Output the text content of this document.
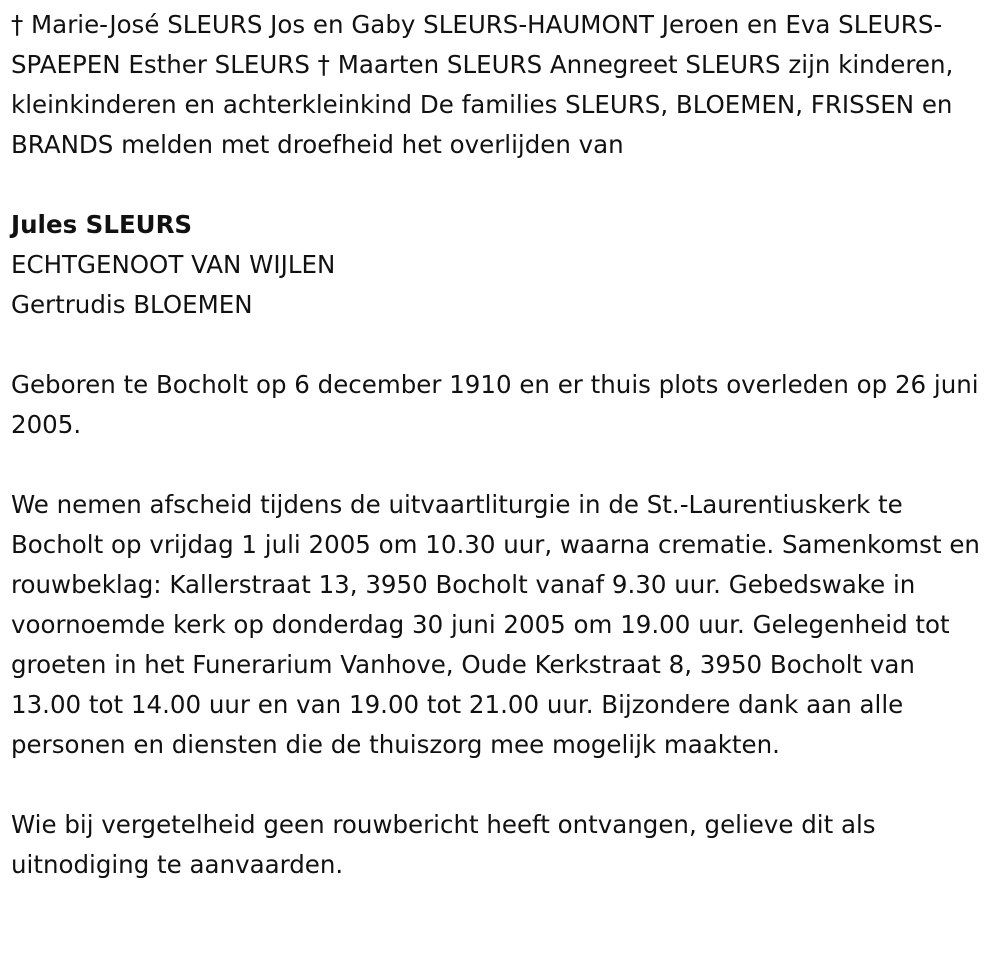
† Marie-José SLEURS Jos en Gaby SLEURS-HAUMONT Jeroen en Eva SLEURS-SPAEPEN Esther SLEURS † Maarten SLEURS Annegreet SLEURS zijn kinderen, kleinkinderen en achterkleinkind De families SLEURS, BLOEMEN, FRISSEN en BRANDS melden met droefheid het overlijden van

Jules SLEURS

ECHTGENOOT VAN WIJLEN

Gertrudis BLOEMEN

Geboren te Bocholt op 6 december 1910 en er thuis plots overleden op 26 juni 2005.

We nemen afscheid tijdens de uitvaartliturgie in de St.-Laurentiuskerk te Bocholt op vrijdag 1 juli 2005 om 10.30 uur, waarna crematie. Samenkomst en rouwbeklag: Kallerstraat 13, 3950 Bocholt vanaf 9.30 uur. Gebedswake in voornoemde kerk op donderdag 30 juni 2005 om 19.00 uur. Gelegenheid tot groeten in het Funerarium Vanhove, Oude Kerkstraat 8, 3950 Bocholt van 13.00 tot 14.00 uur en van 19.00 tot 21.00 uur. Bijzondere dank aan alle personen en diensten die de thuiszorg mee mogelijk maakten.

Wie bij vergetelheid geen rouwbericht heeft ontvangen, gelieve dit als uitnodiging te aanvaarden.
